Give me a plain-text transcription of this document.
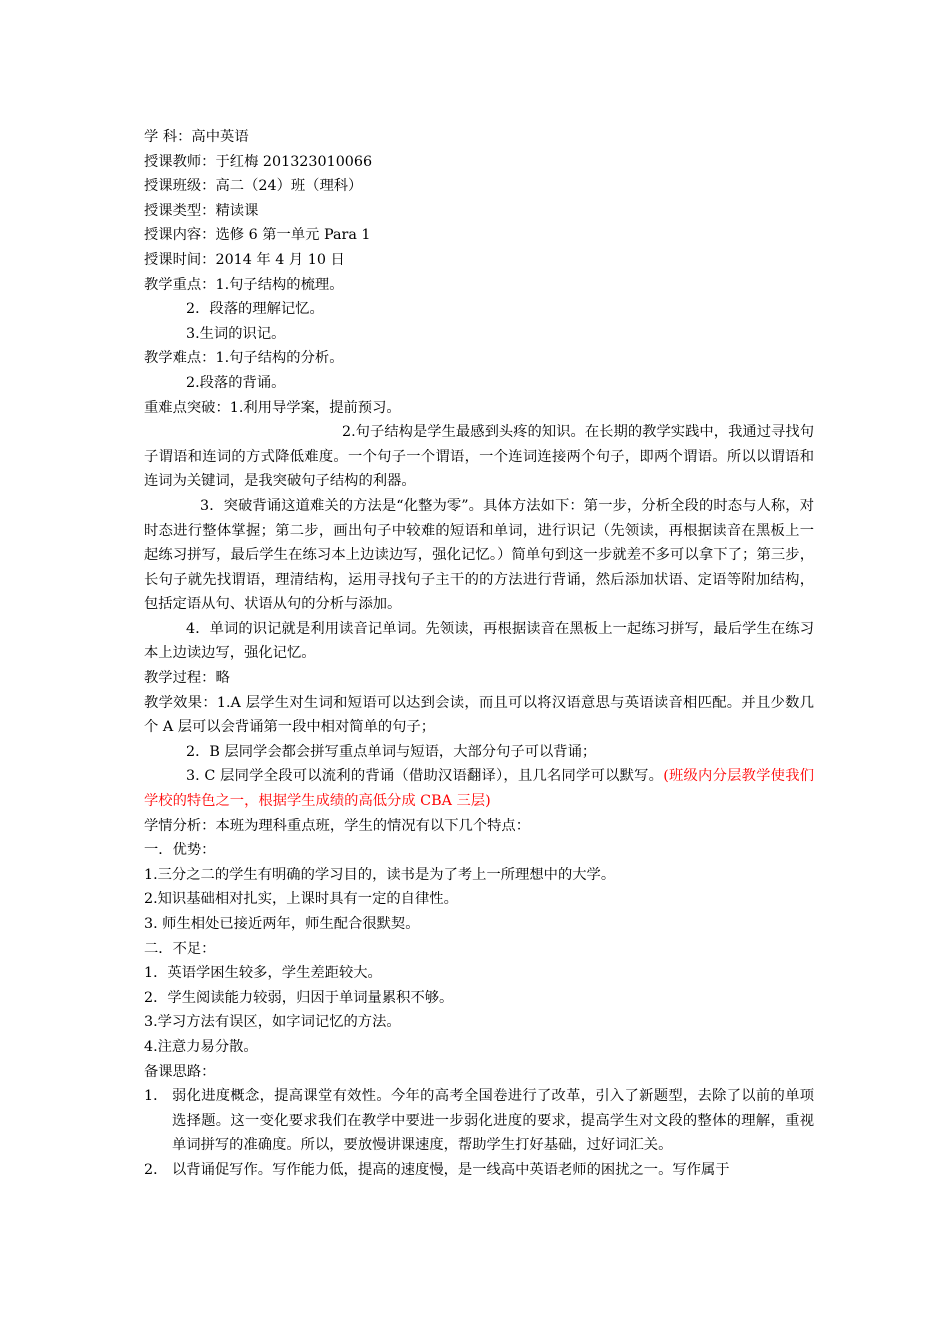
学 科：高中英语
授课教师：于红梅 201323010066
授课班级：高二（24）班（理科）
授课类型：精读课
授课内容：选修 6 第一单元 Para 1
授课时间：2014 年 4 月 10 日
教学重点：1.句子结构的梳理。
2．段落的理解记忆。
3.生词的识记。
教学难点：1.句子结构的分析。
2.段落的背诵。
重难点突破：1.利用导学案，提前预习。
2.句子结构是学生最感到头疼的知识。在长期的教学实践中，我通过寻找句子谓语和连词的方式降低难度。一个句子一个谓语，一个连词连接两个句子，即两个谓语。所以以谓语和连词为关键词，是我突破句子结构的利器。
3．突破背诵这道难关的方法是“化整为零”。具体方法如下：第一步，分析全段的时态与人称，对时态进行整体掌握；第二步，画出句子中较难的短语和单词，进行识记（先领读，再根据读音在黑板上一起练习拼写，最后学生在练习本上边读边写，强化记忆。）简单句到这一步就差不多可以拿下了；第三步，长句子就先找谓语，理清结构，运用寻找句子主干的的方法进行背诵，然后添加状语、定语等附加结构，包括定语从句、状语从句的分析与添加。
4．单词的识记就是利用读音记单词。先领读，再根据读音在黑板上一起练习拼写，最后学生在练习本上边读边写，强化记忆。
教学过程：略
教学效果：1.A 层学生对生词和短语可以达到会读，而且可以将汉语意思与英语读音相匹配。并且少数几个 A 层可以会背诵第一段中相对简单的句子；
2．B 层同学会都会拼写重点单词与短语，大部分句子可以背诵；
3. C 层同学全段可以流利的背诵（借助汉语翻译），且几名同学可以默写。(班级内分层教学使我们学校的特色之一，根据学生成绩的高低分成 CBA 三层)
学情分析：本班为理科重点班，学生的情况有以下几个特点：
一．优势：
1.三分之二的学生有明确的学习目的，读书是为了考上一所理想中的大学。
2.知识基础相对扎实，上课时具有一定的自律性。
3. 师生相处已接近两年，师生配合很默契。
二．不足：
1．英语学困生较多，学生差距较大。
2．学生阅读能力较弱，归因于单词量累积不够。
3.学习方法有误区，如字词记忆的方法。
4.注意力易分散。
备课思路：
1． 弱化进度概念，提高课堂有效性。今年的高考全国卷进行了改革，引入了新题型，去除了以前的单项选择题。这一变化要求我们在教学中要进一步弱化进度的要求，提高学生对文段的整体的理解，重视单词拼写的准确度。所以，要放慢讲课速度，帮助学生打好基础，过好词汇关。
2． 以背诵促写作。写作能力低，提高的速度慢，是一线高中英语老师的困扰之一。写作属于
